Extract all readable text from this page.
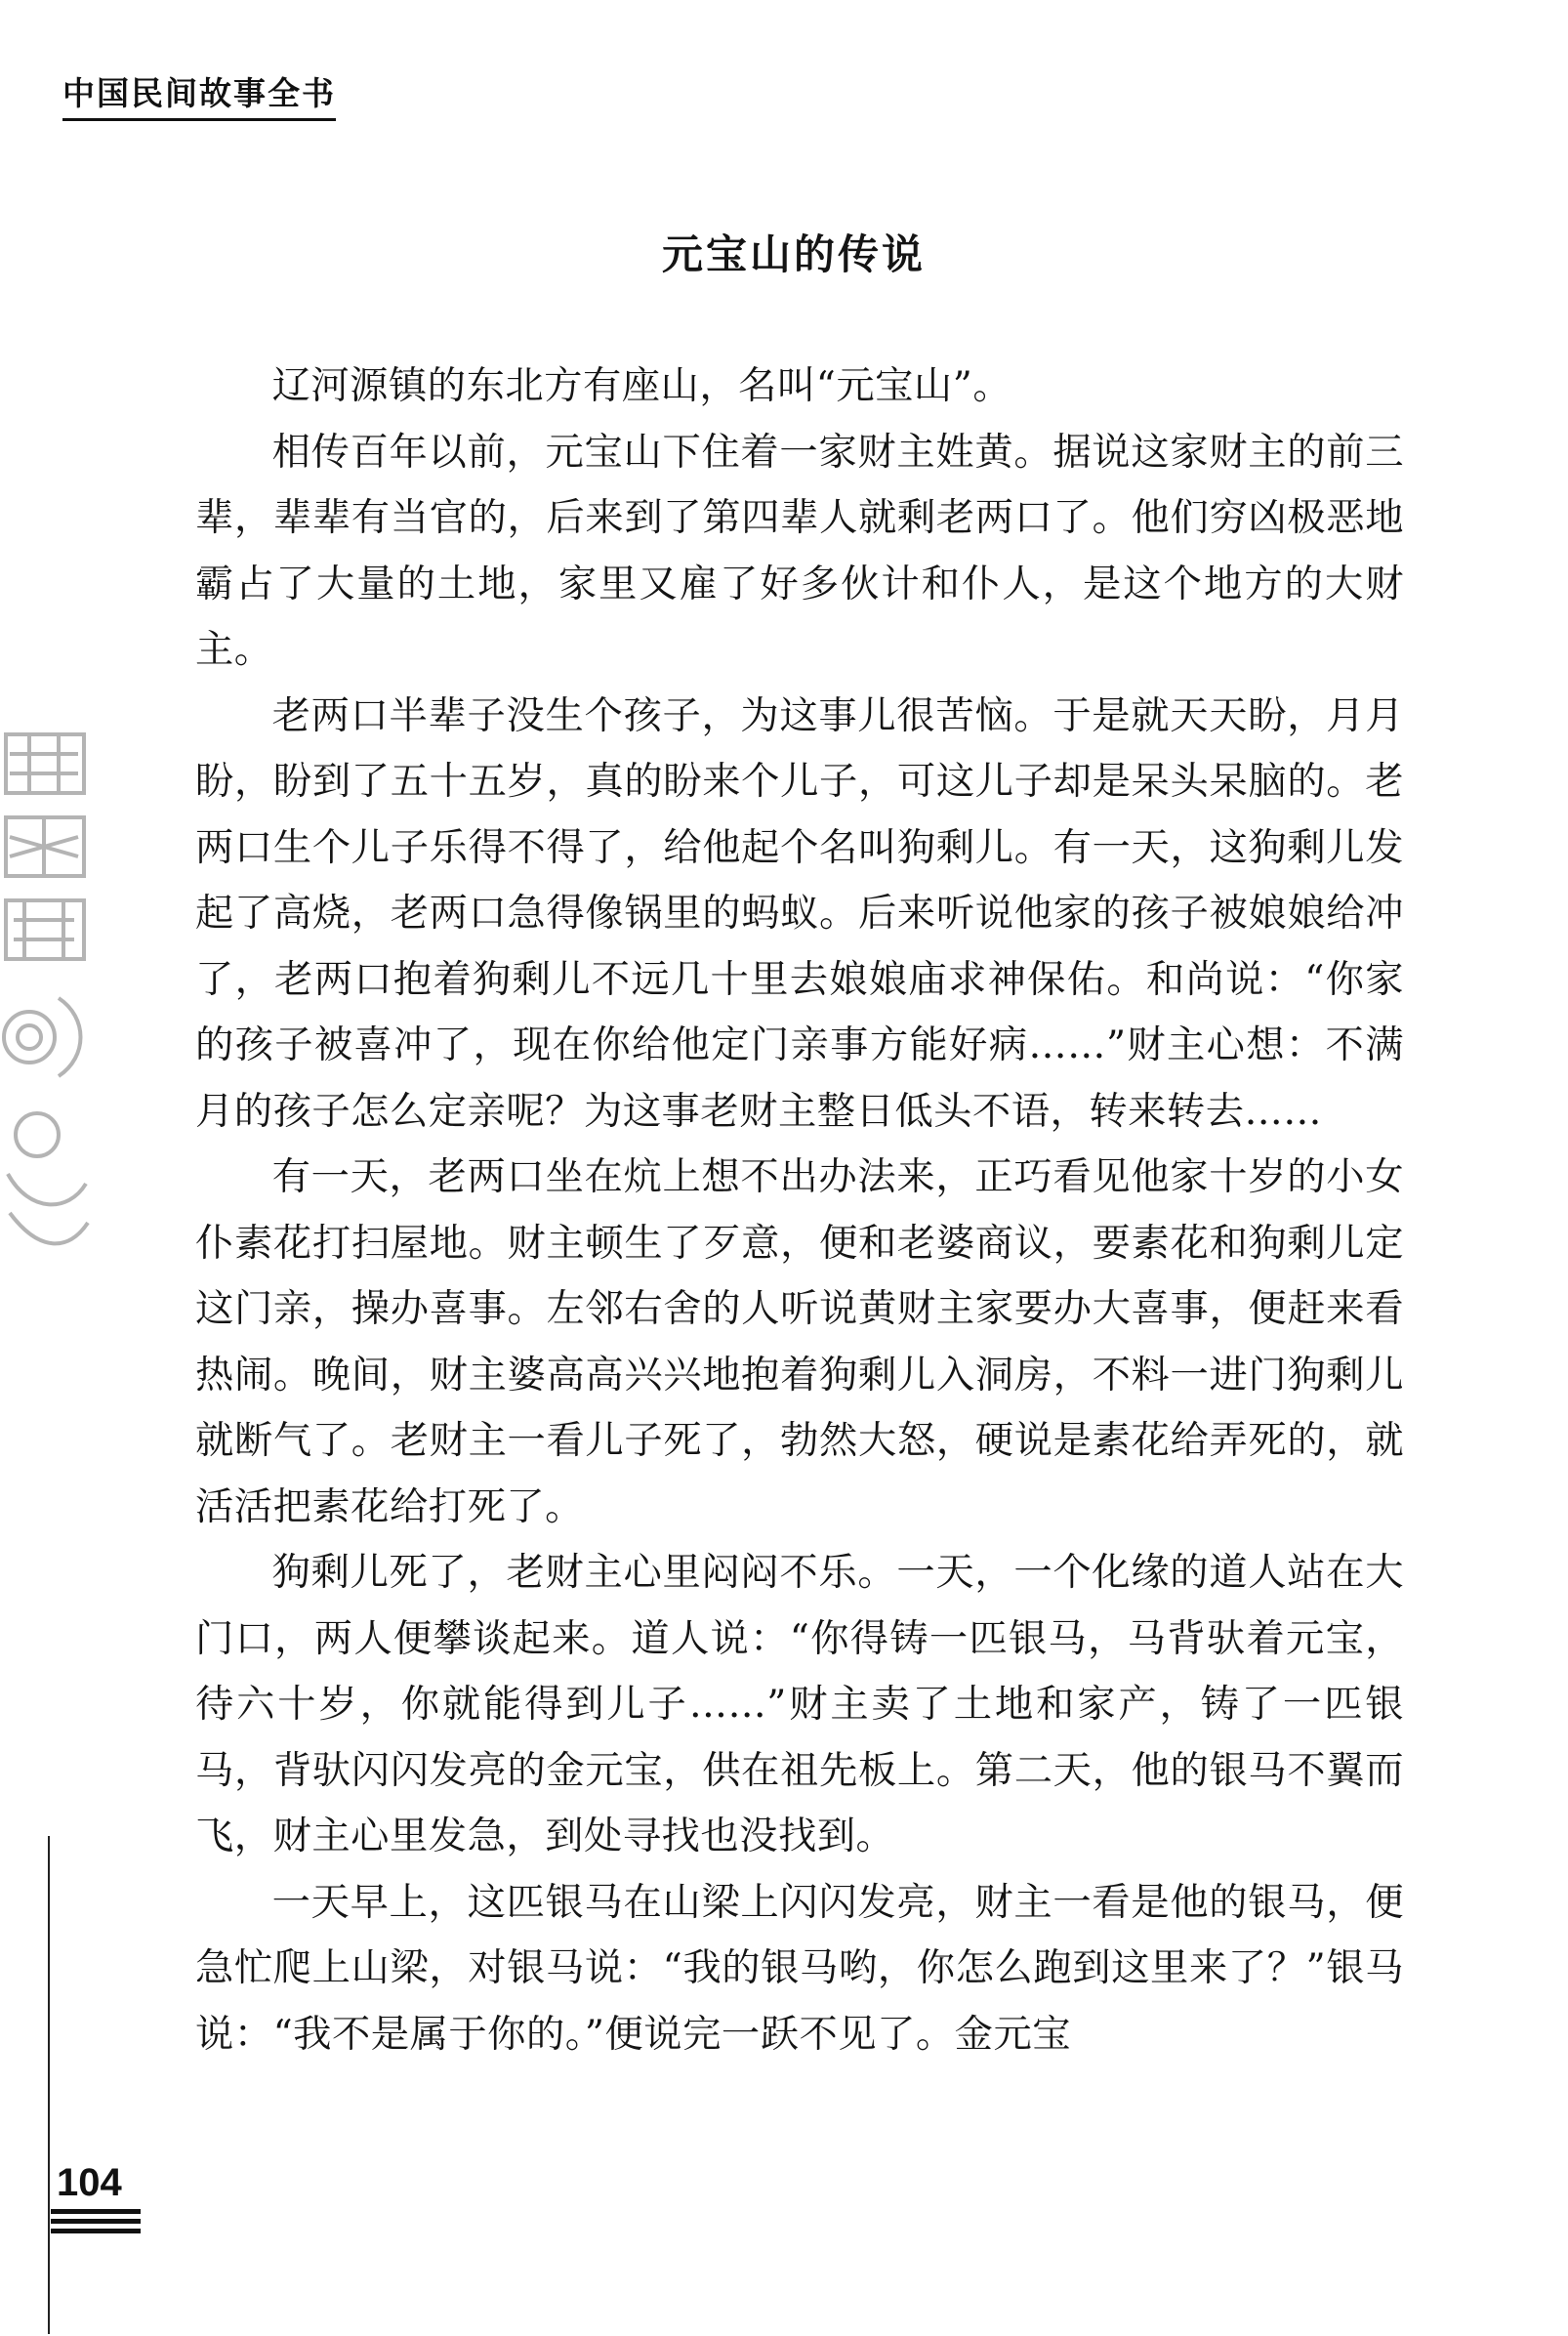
中国民间故事全书
元宝山的传说

辽河源镇的东北方有座山，名叫“元宝山”。

相传百年以前，元宝山下住着一家财主姓黄。据说这家财主的前三辈，辈辈有当官的，后来到了第四辈人就剩老两口了。他们穷凶极恶地霸占了大量的土地，家里又雇了好多伙计和仆人，是这个地方的大财主。

老两口半辈子没生个孩子，为这事儿很苦恼。于是就天天盼，月月盼，盼到了五十五岁，真的盼来个儿子，可这儿子却是呆头呆脑的。老两口生个儿子乐得不得了，给他起个名叫狗剩儿。有一天，这狗剩儿发起了高烧，老两口急得像锅里的蚂蚁。后来听说他家的孩子被娘娘给冲了，老两口抱着狗剩儿不远几十里去娘娘庙求神保佑。和尚说：“你家的孩子被喜冲了，现在你给他定门亲事方能好病……”财主心想：不满月的孩子怎么定亲呢？为这事老财主整日低头不语，转来转去……

有一天，老两口坐在炕上想不出办法来，正巧看见他家十岁的小女仆素花打扫屋地。财主顿生了歹意，便和老婆商议，要素花和狗剩儿定这门亲，操办喜事。左邻右舍的人听说黄财主家要办大喜事，便赶来看热闹。晚间，财主婆高高兴兴地抱着狗剩儿入洞房，不料一进门狗剩儿就断气了。老财主一看儿子死了，勃然大怒，硬说是素花给弄死的，就活活把素花给打死了。

狗剩儿死了，老财主心里闷闷不乐。一天，一个化缘的道人站在大门口，两人便攀谈起来。道人说：“你得铸一匹银马，马背驮着元宝，待六十岁，你就能得到儿子……”财主卖了土地和家产，铸了一匹银马，背驮闪闪发亮的金元宝，供在祖先板上。第二天，他的银马不翼而飞，财主心里发急，到处寻找也没找到。

一天早上，这匹银马在山梁上闪闪发亮，财主一看是他的银马，便急忙爬上山梁，对银马说：“我的银马哟，你怎么跑到这里来了？”银马说：“我不是属于你的。”便说完一跃不见了。金元宝

104
